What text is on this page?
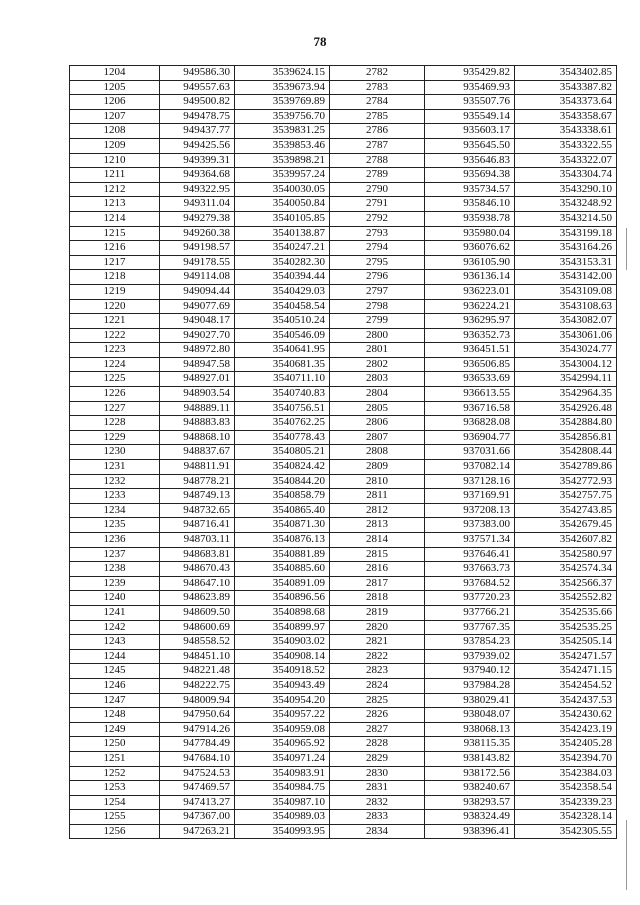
78
1204	949586.30	3539624.15	2782	935429.82	3543402.85
1205	949557.63	3539673.94	2783	935469.93	3543387.82
1206	949500.82	3539769.89	2784	935507.76	3543373.64
1207	949478.75	3539756.70	2785	935549.14	3543358.67
1208	949437.77	3539831.25	2786	935603.17	3543338.61
1209	949425.56	3539853.46	2787	935645.50	3543322.55
1210	949399.31	3539898.21	2788	935646.83	3543322.07
1211	949364.68	3539957.24	2789	935694.38	3543304.74
1212	949322.95	3540030.05	2790	935734.57	3543290.10
1213	949311.04	3540050.84	2791	935846.10	3543248.92
1214	949279.38	3540105.85	2792	935938.78	3543214.50
1215	949260.38	3540138.87	2793	935980.04	3543199.18
1216	949198.57	3540247.21	2794	936076.62	3543164.26
1217	949178.55	3540282.30	2795	936105.90	3543153.31
1218	949114.08	3540394.44	2796	936136.14	3543142.00
1219	949094.44	3540429.03	2797	936223.01	3543109.08
1220	949077.69	3540458.54	2798	936224.21	3543108.63
1221	949048.17	3540510.24	2799	936295.97	3543082.07
1222	949027.70	3540546.09	2800	936352.73	3543061.06
1223	948972.80	3540641.95	2801	936451.51	3543024.77
1224	948947.58	3540681.35	2802	936506.85	3543004.12
1225	948927.01	3540711.10	2803	936533.69	3542994.11
1226	948903.54	3540740.83	2804	936613.55	3542964.35
1227	948889.11	3540756.51	2805	936716.58	3542926.48
1228	948883.83	3540762.25	2806	936828.08	3542884.80
1229	948868.10	3540778.43	2807	936904.77	3542856.81
1230	948837.67	3540805.21	2808	937031.66	3542808.44
1231	948811.91	3540824.42	2809	937082.14	3542789.86
1232	948778.21	3540844.20	2810	937128.16	3542772.93
1233	948749.13	3540858.79	2811	937169.91	3542757.75
1234	948732.65	3540865.40	2812	937208.13	3542743.85
1235	948716.41	3540871.30	2813	937383.00	3542679.45
1236	948703.11	3540876.13	2814	937571.34	3542607.82
1237	948683.81	3540881.89	2815	937646.41	3542580.97
1238	948670.43	3540885.60	2816	937663.73	3542574.34
1239	948647.10	3540891.09	2817	937684.52	3542566.37
1240	948623.89	3540896.56	2818	937720.23	3542552.82
1241	948609.50	3540898.68	2819	937766.21	3542535.66
1242	948600.69	3540899.97	2820	937767.35	3542535.25
1243	948558.52	3540903.02	2821	937854.23	3542505.14
1244	948451.10	3540908.14	2822	937939.02	3542471.57
1245	948221.48	3540918.52	2823	937940.12	3542471.15
1246	948222.75	3540943.49	2824	937984.28	3542454.52
1247	948009.94	3540954.20	2825	938029.41	3542437.53
1248	947950.64	3540957.22	2826	938048.07	3542430.62
1249	947914.26	3540959.08	2827	938068.13	3542423.19
1250	947784.49	3540965.92	2828	938115.35	3542405.28
1251	947684.10	3540971.24	2829	938143.82	3542394.70
1252	947524.53	3540983.91	2830	938172.56	3542384.03
1253	947469.57	3540984.75	2831	938240.67	3542358.54
1254	947413.27	3540987.10	2832	938293.57	3542339.23
1255	947367.00	3540989.03	2833	938324.49	3542328.14
1256	947263.21	3540993.95	2834	938396.41	3542305.55
